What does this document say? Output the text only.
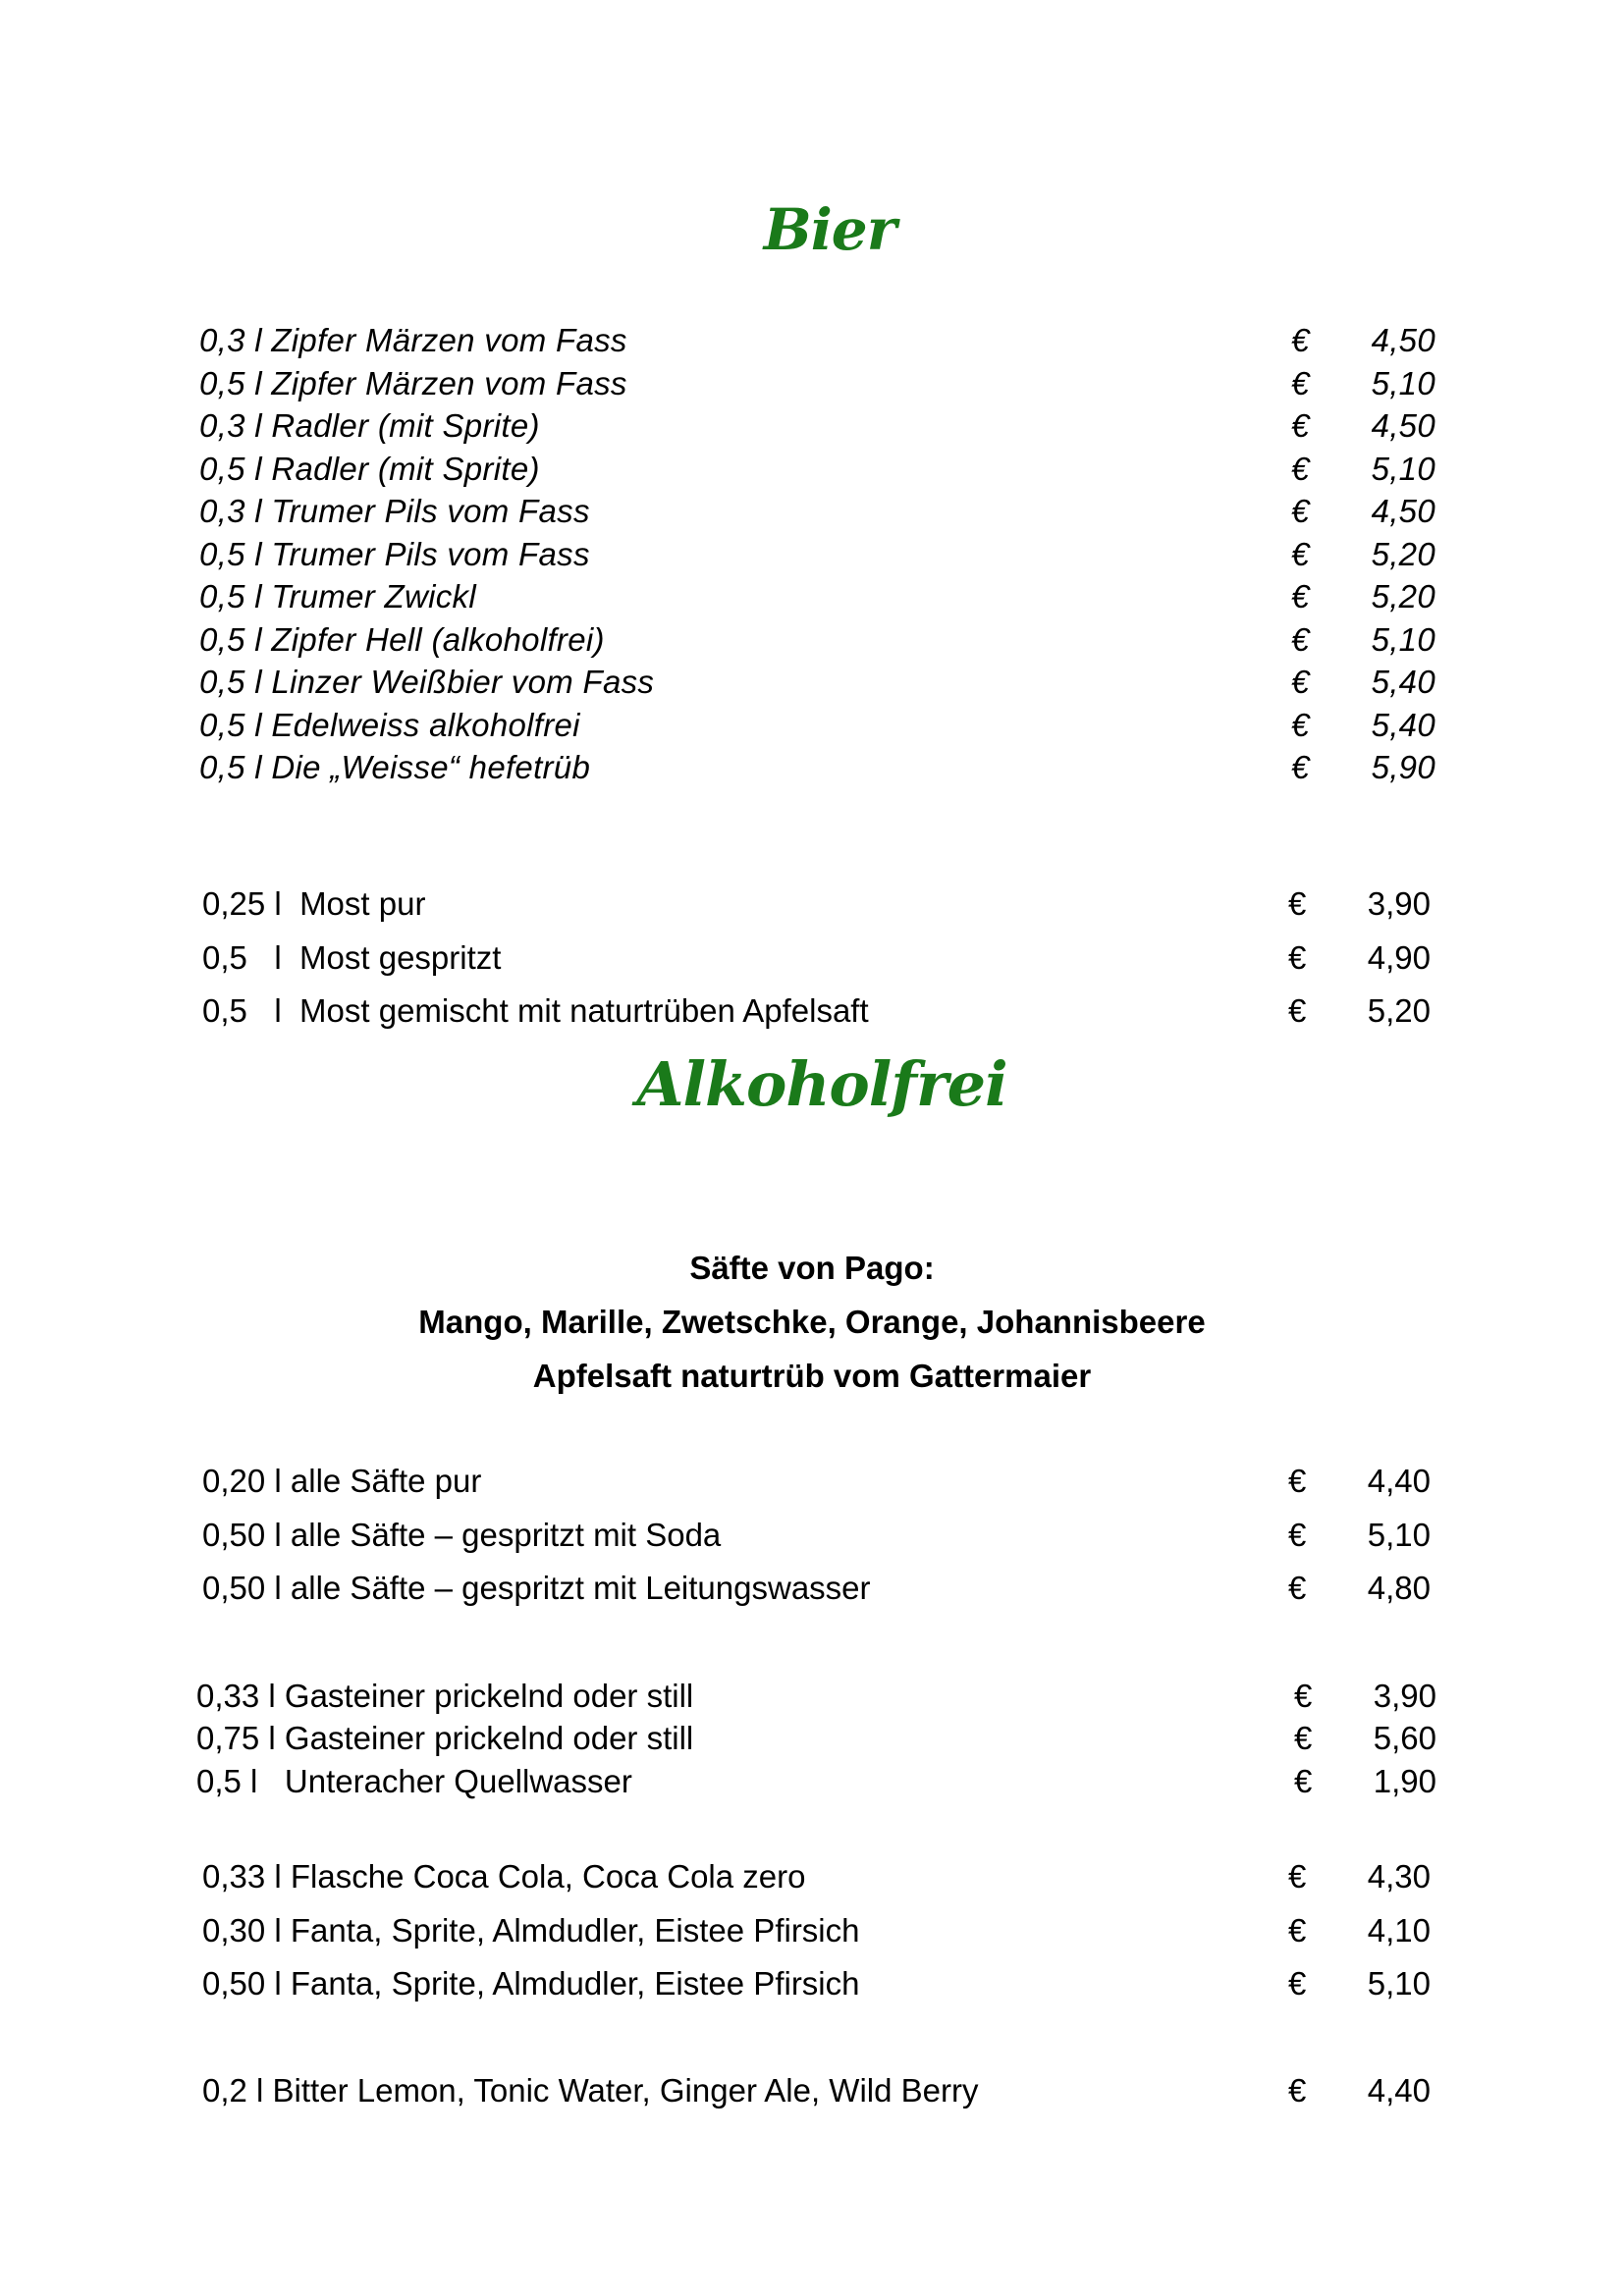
Bier
0,3 l Zipfer Märzen vom Fass	€	4,50
0,5 l Zipfer Märzen vom Fass	€	5,10
0,3 l Radler (mit Sprite)	€	4,50
0,5 l Radler (mit Sprite)	€	5,10
0,3 l Trumer Pils vom Fass	€	4,50
0,5 l Trumer Pils vom Fass	€	5,20
0,5 l Trumer Zwickl	€	5,20
0,5 l Zipfer Hell (alkoholfrei)	€	5,10
0,5 l Linzer Weißbier vom Fass	€	5,40
0,5 l Edelweiss alkoholfrei	€	5,40
0,5 l Die „Weisse“ hefetrüb	€	5,90
0,25 l  Most pur	€	3,90
0,5   l  Most gespritzt	€	4,90
0,5   l  Most gemischt mit naturtrüben Apfelsaft	€	5,20
Alkoholfrei
Säfte von Pago:
Mango, Marille, Zwetschke, Orange, Johannisbeere
Apfelsaft naturtrüb vom Gattermaier
0,20 l alle Säfte pur	€	4,40
0,50 l alle Säfte – gespritzt mit Soda	€	5,10
0,50 l alle Säfte – gespritzt mit Leitungswasser	€	4,80
0,33 l Gasteiner prickelnd oder still	€	3,90
0,75 l Gasteiner prickelnd oder still	€	5,60
0,5 l   Unteracher Quellwasser	€	1,90
0,33 l Flasche Coca Cola, Coca Cola zero	€	4,30
0,30 l Fanta, Sprite, Almdudler, Eistee Pfirsich	€	4,10
0,50 l Fanta, Sprite, Almdudler, Eistee Pfirsich	€	5,10
0,2 l Bitter Lemon, Tonic Water, Ginger Ale, Wild Berry	€	4,40
